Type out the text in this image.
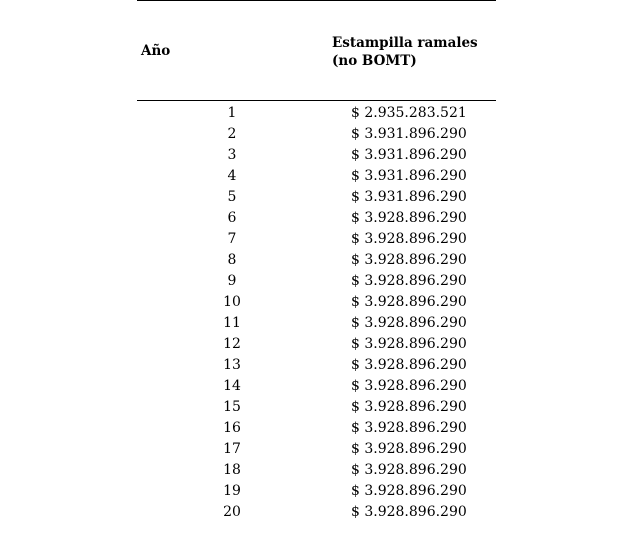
Año	Estampilla ramales
(no BOMT)
1	$ 2.935.283.521
2	$ 3.931.896.290
3	$ 3.931.896.290
4	$ 3.931.896.290
5	$ 3.931.896.290
6	$ 3.928.896.290
7	$ 3.928.896.290
8	$ 3.928.896.290
9	$ 3.928.896.290
10	$ 3.928.896.290
11	$ 3.928.896.290
12	$ 3.928.896.290
13	$ 3.928.896.290
14	$ 3.928.896.290
15	$ 3.928.896.290
16	$ 3.928.896.290
17	$ 3.928.896.290
18	$ 3.928.896.290
19	$ 3.928.896.290
20	$ 3.928.896.290
